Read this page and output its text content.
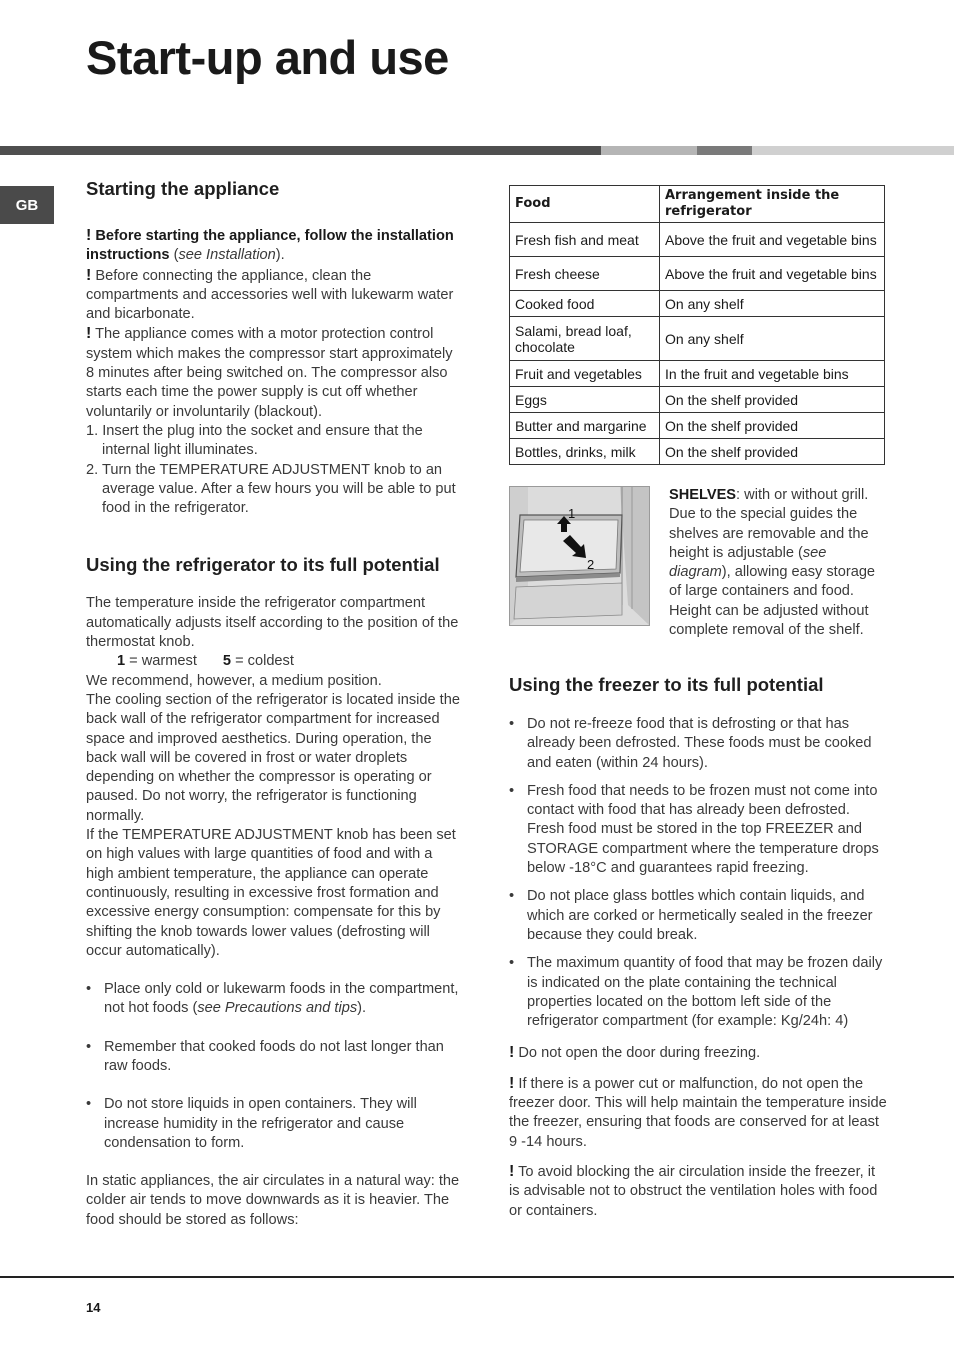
Start-up and use
GB
Starting the appliance

! Before starting the appliance, follow the installation instructions (see Installation).

! Before connecting the appliance, clean the compartments and accessories well with lukewarm water and bicarbonate.

! The appliance comes with a motor protection control system which makes the compressor start approximately 8 minutes after being switched on. The compressor also starts each time the power supply is cut off whether voluntarily or involuntarily (blackout).

1. Insert the plug into the socket and ensure that the internal light illuminates.
2. Turn the TEMPERATURE ADJUSTMENT knob to an average value. After a few hours you will be able to put food in the refrigerator.
Using the refrigerator to its full potential

The temperature inside the refrigerator compartment automatically adjusts itself according to the position of the thermostat knob.

1 = warmest 5 = coldest

We recommend, however, a medium position.

The cooling section of the refrigerator is located inside the back wall of the refrigerator compartment for increased space and improved aesthetics. During operation, the back wall will be covered in frost or water droplets depending on whether the compressor is operating or paused. Do not worry, the refrigerator is functioning normally.

If the TEMPERATURE ADJUSTMENT knob has been set on high values with large quantities of food and with a high ambient temperature, the appliance can operate continuously, resulting in excessive frost formation and excessive energy consumption: compensate for this by shifting the knob towards lower values (defrosting will occur automatically).

• Place only cold or lukewarm foods in the compartment, not hot foods (see Precautions and tips).
• Remember that cooked foods do not last longer than raw foods.
• Do not store liquids in open containers. They will increase humidity in the refrigerator and cause condensation to form.

In static appliances, the air circulates in a natural way: the colder air tends to move downwards as it is heavier. The food should be stored as follows:

Food	Arrangement inside the refrigerator
Fresh fish and meat	Above the fruit and vegetable bins
Fresh cheese	Above the fruit and vegetable bins
Cooked food	On any shelf
Salami, bread loaf, chocolate	On any shelf
Fruit and vegetables	In the fruit and vegetable bins
Eggs	On the shelf provided
Butter and margarine	On the shelf provided
Bottles, drinks, milk	On the shelf provided
1
2

SHELVES: with or without grill. Due to the special guides the shelves are removable and the height is adjustable (see diagram), allowing easy storage of large containers and food. Height can be adjusted without complete removal of the shelf.

Using the freezer to its full potential
• Do not re-freeze food that is defrosting or that has already been defrosted. These foods must be cooked and eaten (within 24 hours).
• Fresh food that needs to be frozen must not come into contact with food that has already been defrosted. Fresh food must be stored in the top FREEZER and STORAGE compartment where the temperature drops below -18°C and guarantees rapid freezing.
• Do not place glass bottles which contain liquids, and which are corked or hermetically sealed in the freezer because they could break.
• The maximum quantity of food that may be frozen daily is indicated on the plate containing the technical properties located on the bottom left side of the refrigerator compartment (for example: Kg/24h: 4)

! Do not open the door during freezing.

! If there is a power cut or malfunction, do not open the freezer door. This will help maintain the temperature inside the freezer, ensuring that foods are conserved for at least 9 -14 hours.

! To avoid blocking the air circulation inside the freezer, it is advisable not to obstruct the ventilation holes with food or containers.

14
